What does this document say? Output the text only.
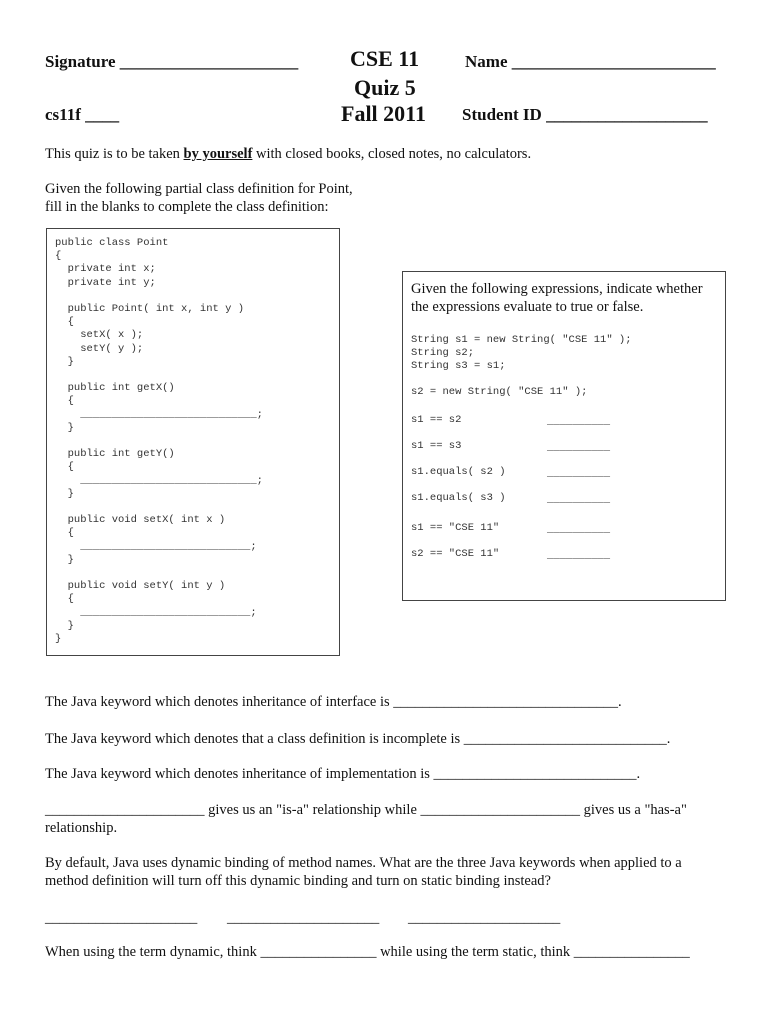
Signature _____________________ CSE 11	Name ________________________
Quiz 5
cs11f ____	Fall 2011 Student ID ___________________
This quiz is to be taken by yourself with closed books, closed notes, no calculators.
Given the following partial class definition for Point,
fill in the blanks to complete the class definition:
public class Point
{
private int x;
private int y;

public Point( int x, int y )
{
setX( x );
setY( y );
}

public int getX()
{
____________________________;
}

public int getY()
{
____________________________;
}

public void setX( int x )
{
___________________________;
}

public void setY( int y )
{
___________________________;
}
}
Given the following expressions, indicate whether
the expressions evaluate to true or false.
String s1 = new String( "CSE 11" );
String s2;
String s3 = s1;
s2 = new String( "CSE 11" );
s1 == s2	__________
s1 == s3	__________
s1.equals( s2 )	__________
s1.equals( s3 )	__________
s1 == "CSE 11"	__________
s2 == "CSE 11"	__________
The Java keyword which denotes inheritance of interface is _______________________________.
The Java keyword which denotes that a class definition is incomplete is ____________________________.
The Java keyword which denotes inheritance of implementation is ____________________________.
______________________ gives us an "is-a" relationship while ______________________ gives us a "has-a"
relationship.
By default, Java uses dynamic binding of method names. What are the three Java keywords when applied to a
method definition will turn off this dynamic binding and turn on static binding instead?
_____________________ _____________________ _____________________
When using the term dynamic, think ________________ while using the term static, think ________________
